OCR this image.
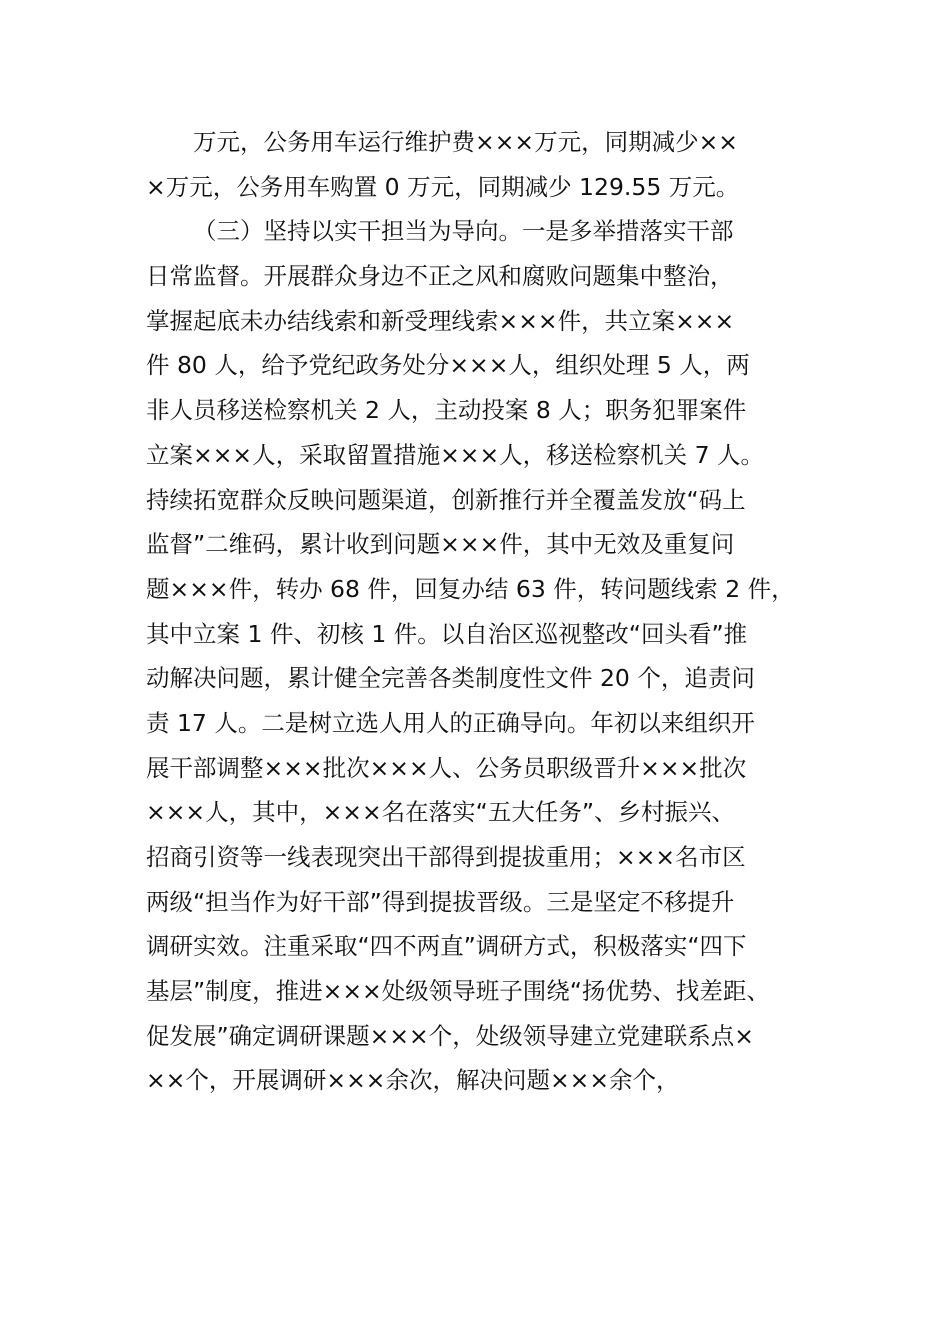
万元，公务用车运行维护费×××万元，同期减少××
×万元，公务用车购置 0 万元，同期减少 129.55 万元。
（三）坚持以实干担当为导向。一是多举措落实干部
日常监督。开展群众身边不正之风和腐败问题集中整治，
掌握起底未办结线索和新受理线索×××件，共立案×××
件 80 人，给予党纪政务处分×××人，组织处理 5 人，两
非人员移送检察机关 2 人，主动投案 8 人；职务犯罪案件
立案×××人，采取留置措施×××人，移送检察机关 7 人。
持续拓宽群众反映问题渠道，创新推行并全覆盖发放“码上
监督”二维码，累计收到问题×××件，其中无效及重复问
题×××件，转办 68 件，回复办结 63 件，转问题线索 2 件，
其中立案 1 件、初核 1 件。以自治区巡视整改“回头看”推
动解决问题，累计健全完善各类制度性文件 20 个，追责问
责 17 人。二是树立选人用人的正确导向。年初以来组织开
展干部调整×××批次×××人、公务员职级晋升×××批次
×××人，其中，×××名在落实“五大任务”、乡村振兴、
招商引资等一线表现突出干部得到提拔重用；×××名市区
两级“担当作为好干部”得到提拔晋级。三是坚定不移提升
调研实效。注重采取“四不两直”调研方式，积极落实“四下
基层”制度，推进×××处级领导班子围绕“扬优势、找差距、
促发展”确定调研课题×××个，处级领导建立党建联系点×
××个，开展调研×××余次，解决问题×××余个，
